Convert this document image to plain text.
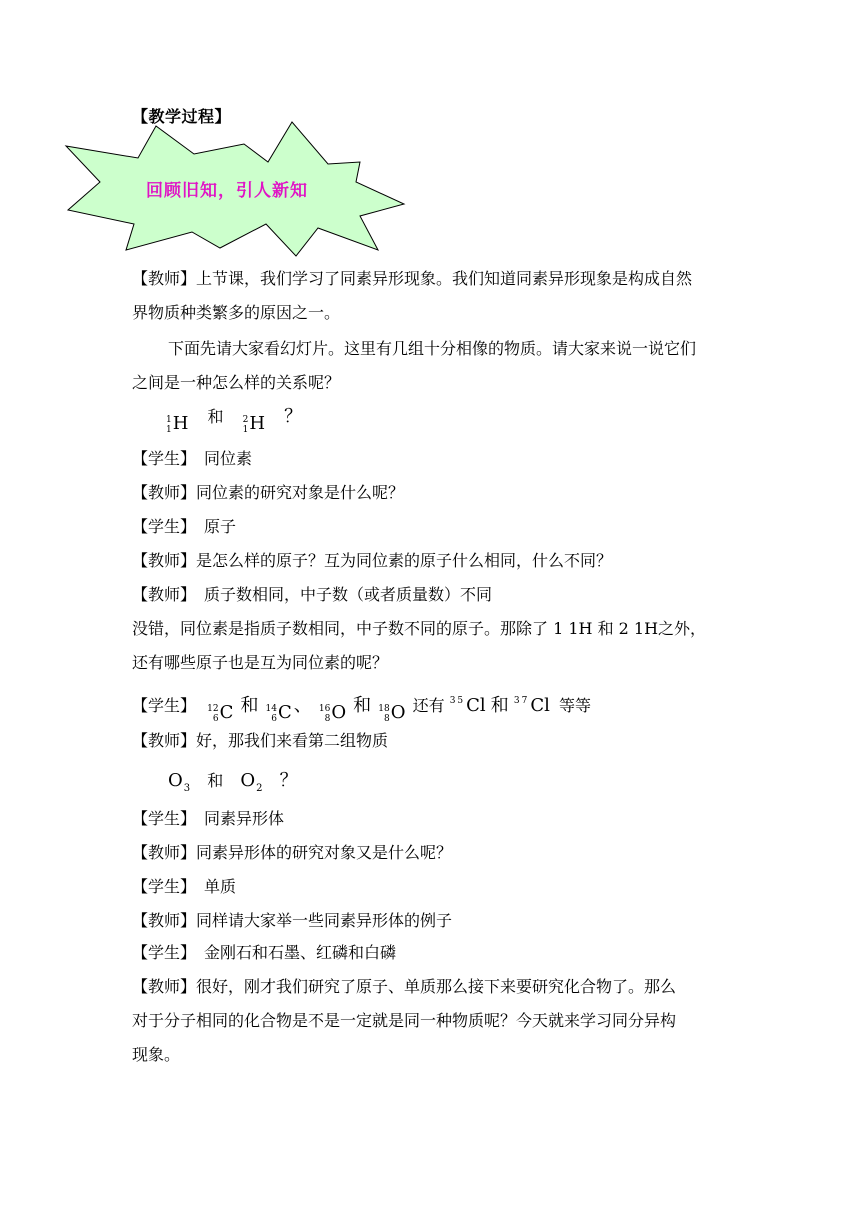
【教学过程】
回顾旧知，引人新知
【教师】上节课，我们学习了同素异形现象。我们知道同素异形现象是构成自然
界物质种类繁多的原因之一。
下面先请大家看幻灯片。这里有几组十分相像的物质。请大家来说一说它们
之间是一种怎么样的关系呢？
1
1 H 和 2
1 H ？
【学生】 同位素
【教师】同位素的研究对象是什么呢？
【学生】 原子
【教师】是怎么样的原子？互为同位素的原子什么相同，什么不同？
【教师】 质子数相同，中子数（或者质量数）不同
没错，同位素是指质子数相同，中子数不同的原子。那除了 1 1H 和 2 1H之外，
还有哪些原子也是互为同位素的呢？
【学生】 12
6 C 和 14
6 C 、 16
8 O 和 18
8 O 还有 $^{35}$Cl 和 $^{37}$Cl 等等
【教师】好，那我们来看第二组物质
$O_3$ 和 $O_2$ ？
【学生】 同素异形体
【教师】同素异形体的研究对象又是什么呢？
【学生】 单质
【教师】同样请大家举一些同素异形体的例子
【学生】 金刚石和石墨、红磷和白磷
【教师】很好，刚才我们研究了原子、单质那么接下来要研究化合物了。那么
对于分子相同的化合物是不是一定就是同一种物质呢？今天就来学习同分异构
现象。
